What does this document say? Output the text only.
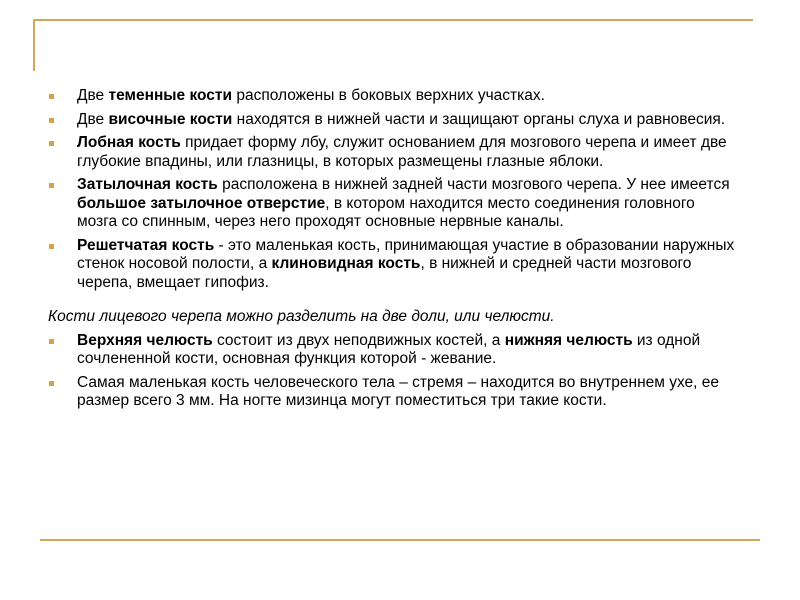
Две теменные кости расположены в боковых верхних участках.
Две височные кости находятся в нижней части и защищают органы слуха и равновесия.
Лобная кость придает форму лбу, служит основанием для мозгового черепа и имеет две глубокие впадины, или глазницы, в которых размещены глазные яблоки.
Затылочная кость расположена в нижней задней части мозгового черепа. У нее имеется большое затылочное отверстие, в котором находится место соединения головного мозга со спинным, через него проходят основные нервные каналы.
Решетчатая кость - это маленькая кость, принимающая участие в образовании наружных стенок носовой полости, а клиновидная кость, в нижней и средней части мозгового черепа, вмещает гипофиз.

Кости лицевого черепа можно разделить на две доли, или челюсти.

Верхняя челюсть состоит из двух неподвижных костей, а нижняя челюсть из одной сочлененной кости, основная функция которой - жевание.
Самая маленькая кость человеческого тела – стремя – находится во внутреннем ухе, ее размер всего 3 мм. На ногте мизинца могут поместиться три такие кости.
